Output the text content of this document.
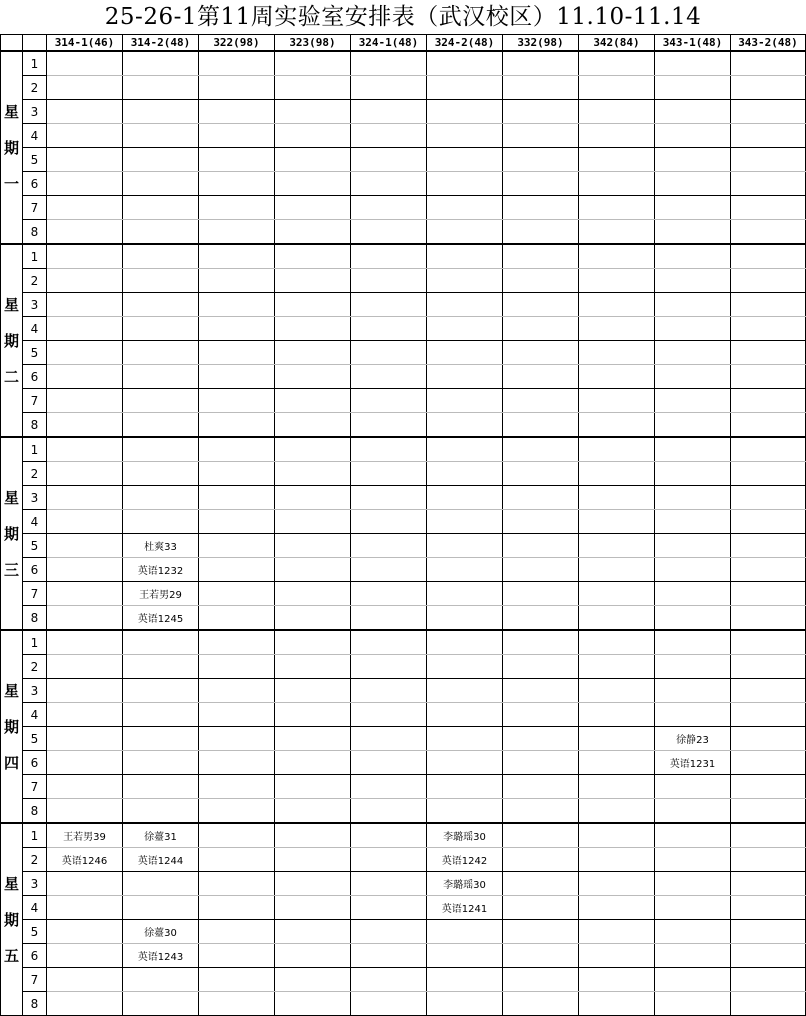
25-26-1第11周实验室安排表（武汉校区）11.10-11.14
		314-1(46)	314-2(48)	322(98)	323(98)	324-1(48)	324-2(48)	332(98)	342(84)	343-1(48)	343-2(48)
星期一	1										
	2										
	3										
	4										
	5										
	6										
	7										
	8										
星期二	1										
	2										
	3										
	4										
	5										
	6										
	7										
	8										
星期三	1										
	2										
	3										
	4										
	5		杜爽33								
	6		英语1232								
	7		王若男29								
	8		英语1245								
星期四	1										
	2										
	3										
	4										
	5									徐静23	
	6									英语1231	
	7										
	8										
星期五	1	王若男39	徐薹31				李璐瑶30				
	2	英语1246	英语1244				英语1242				
	3						李璐瑶30				
	4						英语1241				
	5		徐薹30								
	6		英语1243								
	7										
	8										
